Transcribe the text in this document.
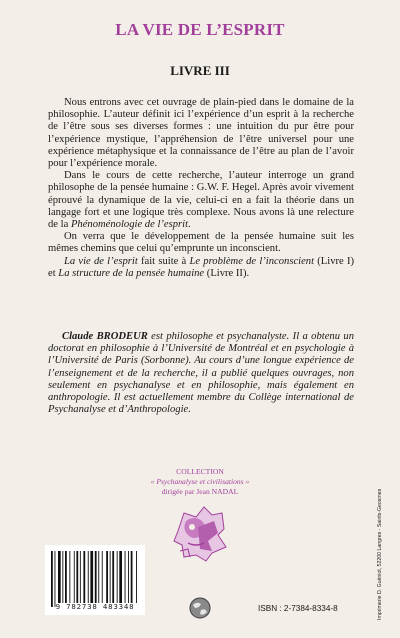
LA VIE DE L’ESPRIT
LIVRE III

Nous entrons avec cet ouvrage de plain-pied dans le domaine de la philosophie. L’auteur définit ici l’expérience d’un esprit à la recherche de l’être sous ses diverses formes : une intuition du pur être pour l’expérience mystique, l’appréhension de l’être universel pour une expérience métaphysique et la connaissance de l’être au plan de l’avoir pour l’expérience morale.

Dans le cours de cette recherche, l’auteur interroge un grand philosophe de la pensée humaine : G.W. F. Hegel. Après avoir vivement éprouvé la dynamique de la vie, celui-ci en a fait la théorie dans un langage fort et une logique très complexe. Nous avons là une relecture de la Phénoménologie de l’esprit.

On verra que le développement de la pensée humaine suit les mêmes chemins que celui qu’emprunte un inconscient.

La vie de l’esprit fait suite à Le problème de l’inconscient (Livre I) et La structure de la pensée humaine (Livre II).

Claude BRODEUR est philosophe et psychanalyste. Il a obtenu un doctorat en philosophie à l’Université de Montréal et en psychologie à l’Université de Paris (Sorbonne). Au cours d’une longue expérience de l’enseignement et de la recherche, il a publié quelques ouvrages, non seulement en psychanalyse et en philosophie, mais également en anthropologie. Il est actuellement membre du Collège international de Psychanalyse et d’Anthropologie.

COLLECTION
« Psychanalyse et civilisations »
dirigée par Jean NADAL
9 782738 483348	ISBN : 2-7384-8334-8	Imprimerie D. Guéniot, 52200 Langres - Saints-Geosmes
